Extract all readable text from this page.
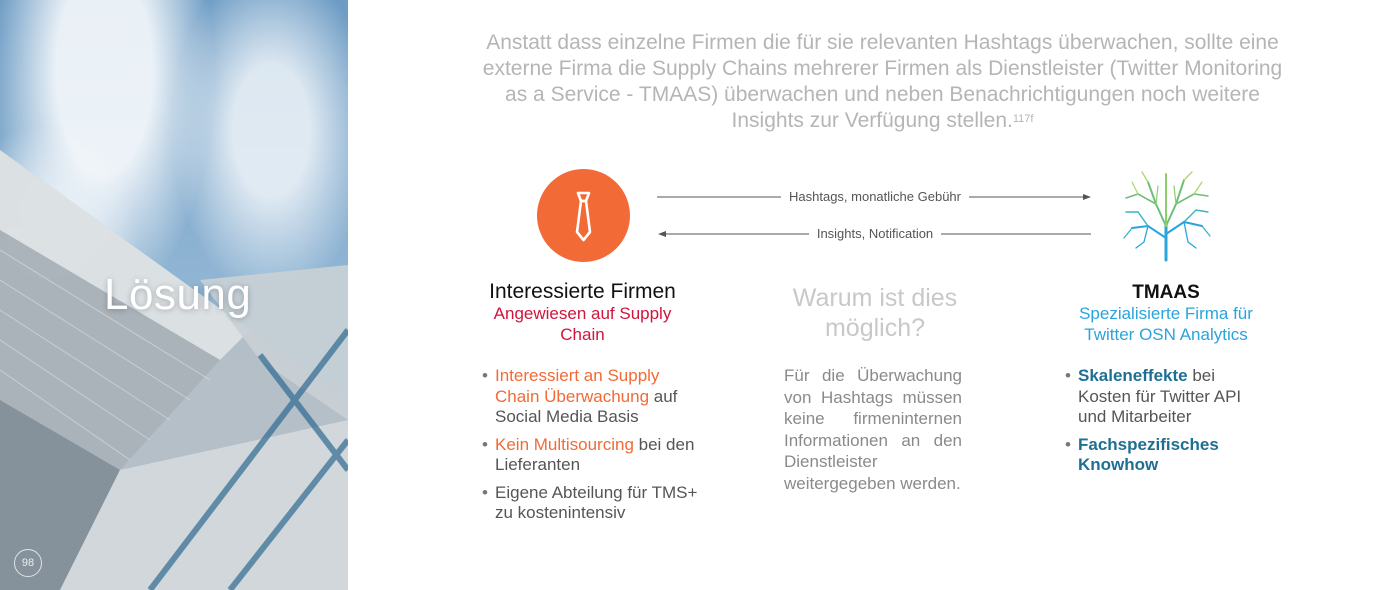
Lösung
98
Anstatt dass einzelne Firmen die für sie relevanten Hashtags überwachen, sollte eine externe Firma die Supply Chains mehrerer Firmen als Dienstleister (Twitter Monitoring as a Service - TMAAS) überwachen und neben Benachrichtigungen noch weitere Insights zur Verfügung stellen.$^{117f}$
Hashtags, monatliche Gebühr
Insights, Notification
Interessierte Firmen
Angewiesen auf Supply Chain
• Interessiert an Supply Chain Überwachung auf Social Media Basis
• Kein Multisourcing bei den Lieferanten
• Eigene Abteilung für TMS+ zu kostenintensiv
Warum ist dies möglich?
Für die Überwachung von Hashtags müssen keine firmeninternen Informationen an den Dienstleister weitergegeben werden.
TMAAS
Spezialisierte Firma für Twitter OSN Analytics
• Skaleneffekte bei Kosten für Twitter API und Mitarbeiter
• Fachspezifisches Knowhow
